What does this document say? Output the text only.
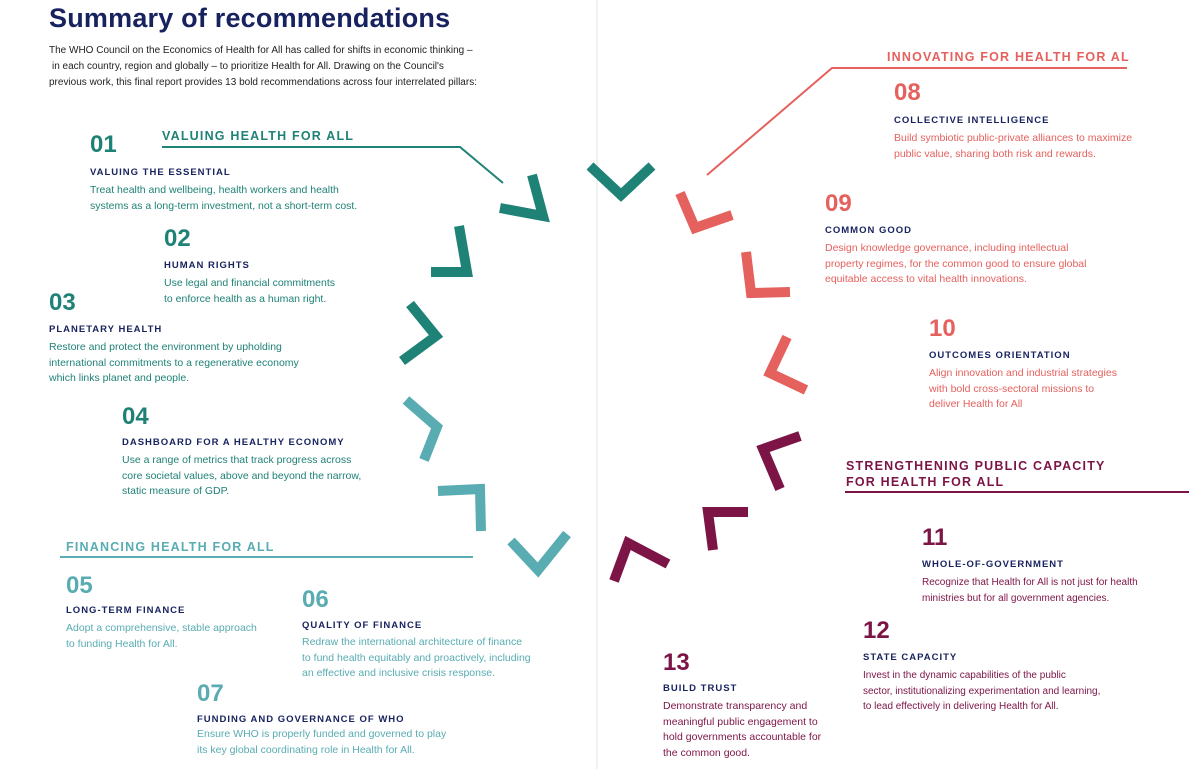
Summary of recommendations
The WHO Council on the Economics of Health for All has called for shifts in economic thinking –
in each country, region and globally – to prioritize Health for All. Drawing on the Council's
previous work, this final report provides 13 bold recommendations across four interrelated pillars:
VALUING HEALTH FOR ALL
FINANCING HEALTH FOR ALL
INNOVATING FOR HEALTH FOR AL
STRENGTHENING PUBLIC CAPACITY
FOR HEALTH FOR ALL
01
VALUING THE ESSENTIAL
Treat health and wellbeing, health workers and health
systems as a long-term investment, not a short-term cost.
02
HUMAN RIGHTS
Use legal and financial commitments
to enforce health as a human right.
03
PLANETARY HEALTH
Restore and protect the environment by upholding
international commitments to a regenerative economy
which links planet and people.
04
DASHBOARD FOR A HEALTHY ECONOMY
Use a range of metrics that track progress across
core societal values, above and beyond the narrow,
static measure of GDP.
05
LONG-TERM FINANCE
Adopt a comprehensive, stable approach
to funding Health for All.
06
QUALITY OF FINANCE
Redraw the international architecture of finance
to fund health equitably and proactively, including
an effective and inclusive crisis response.
07
FUNDING AND GOVERNANCE OF WHO
Ensure WHO is properly funded and governed to play
its key global coordinating role in Health for All.
08
COLLECTIVE INTELLIGENCE
Build symbiotic public-private alliances to maximize
public value, sharing both risk and rewards.
09
COMMON GOOD
Design knowledge governance, including intellectual
property regimes, for the common good to ensure global
equitable access to vital health innovations.
10
OUTCOMES ORIENTATION
Align innovation and industrial strategies
with bold cross-sectoral missions to
deliver Health for All
11
WHOLE-OF-GOVERNMENT
Recognize that Health for All is not just for health
ministries but for all government agencies.
12
STATE CAPACITY
Invest in the dynamic capabilities of the public
sector, institutionalizing experimentation and learning,
to lead effectively in delivering Health for All.
13
BUILD TRUST
Demonstrate transparency and
meaningful public engagement to
hold governments accountable for
the common good.
